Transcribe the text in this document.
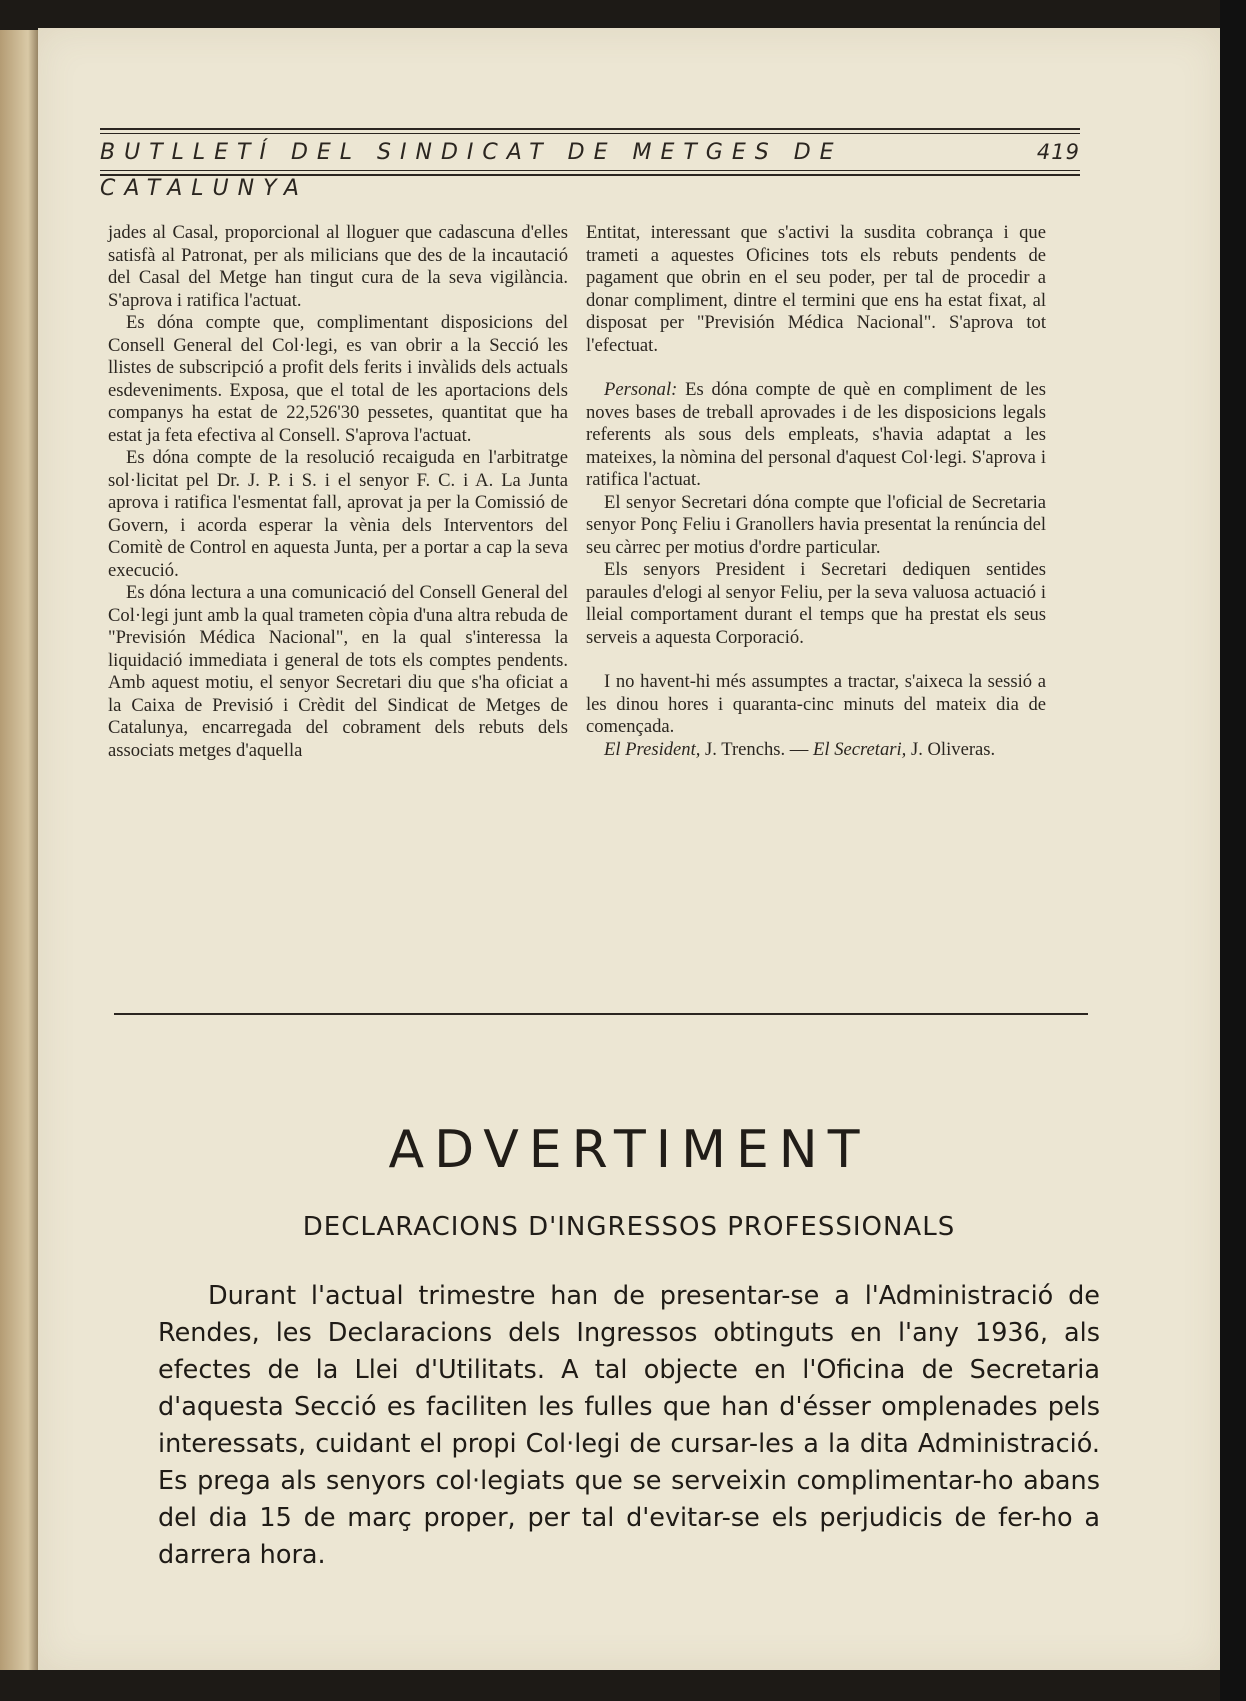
BUTLLETÍ DEL SINDICAT DE METGES DE CATALUNYA
419

jades al Casal, proporcional al lloguer que cadascuna d'elles satisfà al Patronat, per als milicians que des de la incautació del Casal del Metge han tingut cura de la seva vigilància. S'aprova i ratifica l'actuat.

Es dóna compte que, complimentant disposicions del Consell General del Col·legi, es van obrir a la Secció les llistes de subscripció a profit dels ferits i invàlids dels actuals esdeveniments. Exposa, que el total de les aportacions dels companys ha estat de 22,526'30 pessetes, quantitat que ha estat ja feta efectiva al Consell. S'aprova l'actuat.

Es dóna compte de la resolució recaiguda en l'arbitratge sol·licitat pel Dr. J. P. i S. i el senyor F. C. i A. La Junta aprova i ratifica l'esmentat fall, aprovat ja per la Comissió de Govern, i acorda esperar la vènia dels Interventors del Comitè de Control en aquesta Junta, per a portar a cap la seva execució.

Es dóna lectura a una comunicació del Consell General del Col·legi junt amb la qual trameten còpia d'una altra rebuda de "Previsión Médica Nacional", en la qual s'interessa la liquidació immediata i general de tots els comptes pendents. Amb aquest motiu, el senyor Secretari diu que s'ha oficiat a la Caixa de Previsió i Crèdit del Sindicat de Metges de Catalunya, encarregada del cobrament dels rebuts dels associats metges d'aquella

Entitat, interessant que s'activi la susdita cobrança i que trameti a aquestes Oficines tots els rebuts pendents de pagament que obrin en el seu poder, per tal de procedir a donar compliment, dintre el termini que ens ha estat fixat, al disposat per "Previsión Médica Nacional". S'aprova tot l'efectuat.

Personal: Es dóna compte de què en compliment de les noves bases de treball aprovades i de les disposicions legals referents als sous dels empleats, s'havia adaptat a les mateixes, la nòmina del personal d'aquest Col·legi. S'aprova i ratifica l'actuat.

El senyor Secretari dóna compte que l'oficial de Secretaria senyor Ponç Feliu i Granollers havia presentat la renúncia del seu càrrec per motius d'ordre particular.

Els senyors President i Secretari dediquen sentides paraules d'elogi al senyor Feliu, per la seva valuosa actuació i lleial comportament durant el temps que ha prestat els seus serveis a aquesta Corporació.

I no havent-hi més assumptes a tractar, s'aixeca la sessió a les dinou hores i quaranta-cinc minuts del mateix dia de començada.

El President, J. Trenchs. — El Secretari, J. Oliveras.

ADVERTIMENT
DECLARACIONS D'INGRESSOS PROFESSIONALS

Durant l'actual trimestre han de presentar-se a l'Administració de Rendes, les Declaracions dels Ingressos obtinguts en l'any 1936, als efectes de la Llei d'Utilitats. A tal objecte en l'Oficina de Secretaria d'aquesta Secció es faciliten les fulles que han d'ésser omplenades pels interessats, cuidant el propi Col·legi de cursar-les a la dita Administració. Es prega als senyors col·legiats que se serveixin complimentar-ho abans del dia 15 de març proper, per tal d'evitar-se els perjudicis de fer-ho a darrera hora.
